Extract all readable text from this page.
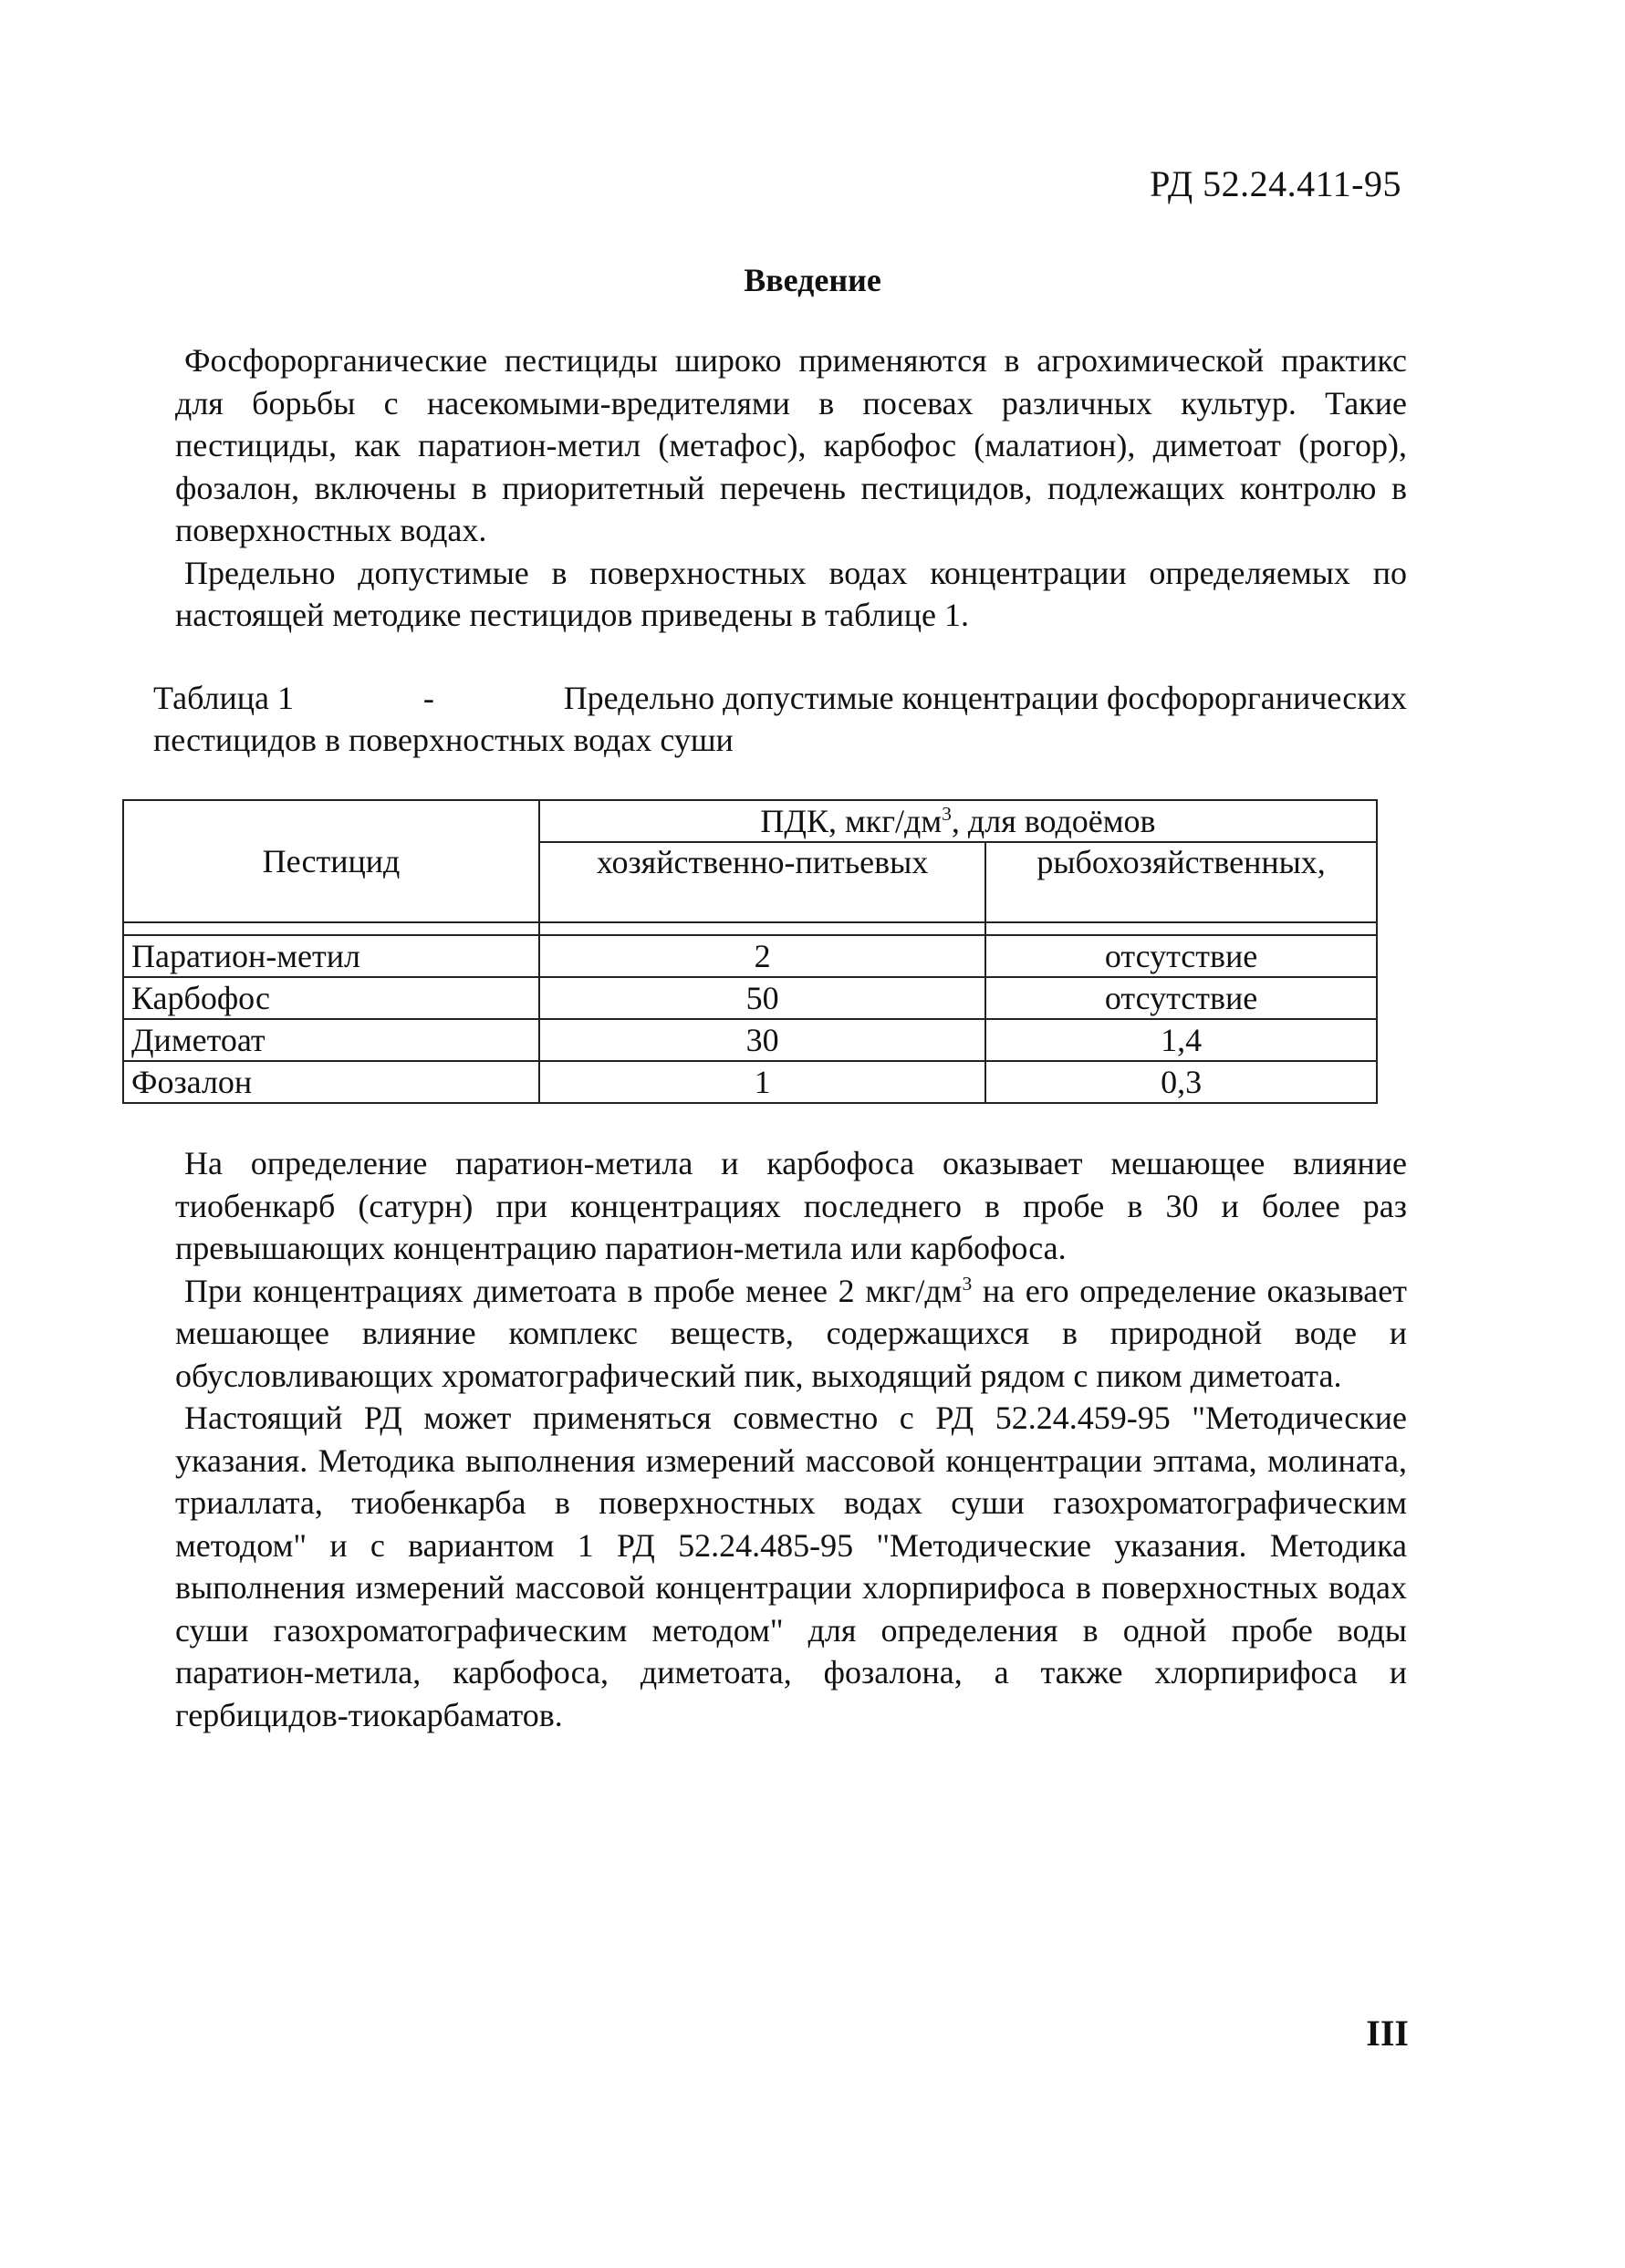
РД 52.24.411-95
Введение

Фосфорорганические пестициды широко применяются в агрохимической практикс для борьбы с насекомыми-вредителями в посевах различных культур. Такие пестициды, как паратион-метил (метафос), карбофос (малатион), диметоат (рогор), фозалон, включены в приоритетный перечень пестицидов, подлежащих контролю в поверхностных водах.

Предельно допустимые в поверхностных водах концентрации определяемых по настоящей методике пестицидов приведены в таблице 1.

Таблица 1	-	Предельно допустимые концентрации фосфорорганических
пестицидов в поверхностных водах суши
Пестицид	ПДК, мкг/$дм^3$, для водоёмов	
	хозяйственно-питьевых	рыбохозяйственных,

Паратион-метил	2	отсутствие
Карбофос	50	отсутствие
Диметоат	30	1,4
Фозалон	1	0,3

На определение паратион-метила и карбофоса оказывает мешающее влияние тиобенкарб (сатурн) при концентрациях последнего в пробе в 30 и более раз превышающих концентрацию паратион-метила или карбофоса.

При концентрациях диметоата в пробе менее 2 мкг/$дм^3$ на его определение оказывает мешающее влияние комплекс веществ, содержащихся в природной воде и обусловливающих хроматографический пик, выходящий рядом с пиком диметоата.

Настоящий РД может применяться совместно с РД 52.24.459-95 "Методические указания. Методика выполнения измерений массовой концентрации эптама, молината, триаллата, тиобенкарба в поверхностных водах суши газохроматографическим методом" и с вариантом 1 РД 52.24.485-95 "Методические указания. Методика выполнения измерений массовой концентрации хлорпирифоса в поверхностных водах суши газохроматографическим методом" для определения в одной пробе воды паратион-метила, карбофоса, диметоата, фозалона, а также хлорпирифоса и гербицидов-тиокарбаматов.

III
